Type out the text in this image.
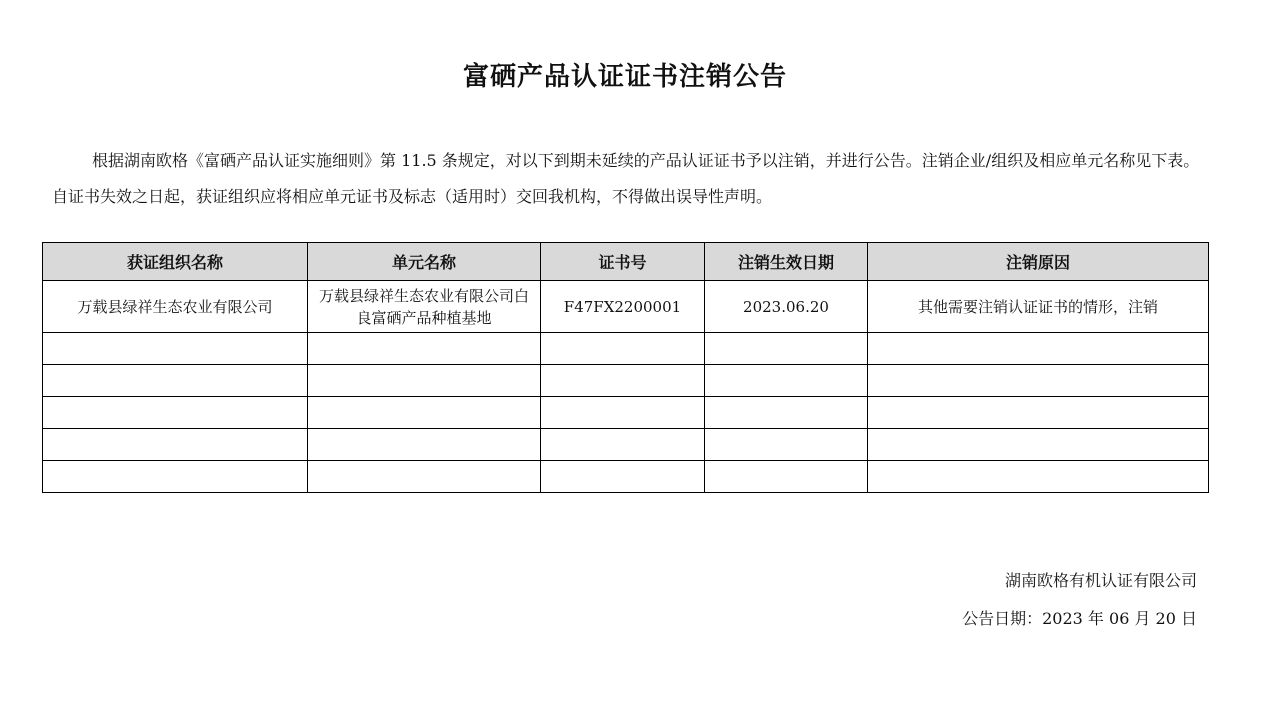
富硒产品认证证书注销公告

根据湖南欧格《富硒产品认证实施细则》第 11.5 条规定，对以下到期未延续的产品认证证书予以注销，并进行公告。注销企业/组织及相应单元名称见下表。自证书失效之日起，获证组织应将相应单元证书及标志（适用时）交回我机构，不得做出误导性声明。

获证组织名称	单元名称	证书号	注销生效日期	注销原因
万载县绿祥生态农业有限公司	万载县绿祥生态农业有限公司白良富硒产品种植基地	F47FX2200001	2023.06.20	其他需要注销认证证书的情形，注销

湖南欧格有机认证有限公司
公告日期：2023 年 06 月 20 日
